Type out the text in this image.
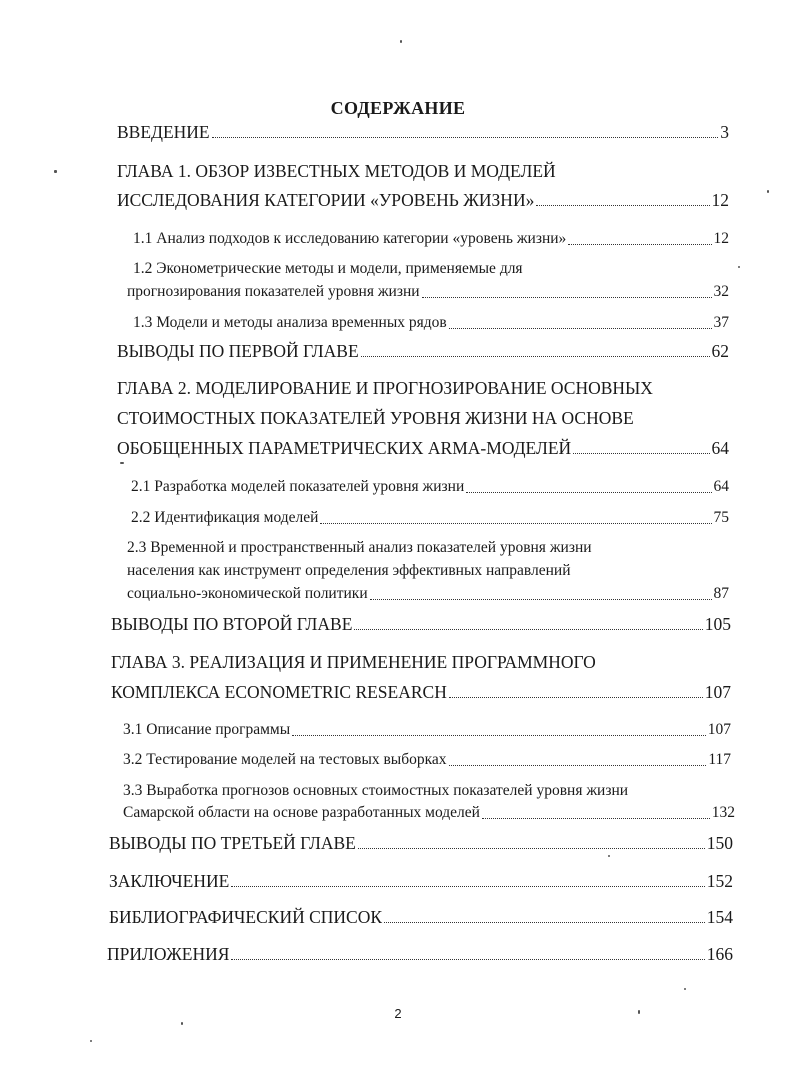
СОДЕРЖАНИЕ
ВВЕДЕНИЕ	3
ГЛАВА 1. ОБЗОР ИЗВЕСТНЫХ МЕТОДОВ И МОДЕЛЕЙ
ИССЛЕДОВАНИЯ КАТЕГОРИИ «УРОВЕНЬ ЖИЗНИ»	12
1.1 Анализ подходов к исследованию категории «уровень жизни»	12
1.2 Эконометрические методы и модели, применяемые для
прогнозирования показателей уровня жизни	32
1.3 Модели и методы анализа временных рядов	37
ВЫВОДЫ ПО ПЕРВОЙ ГЛАВЕ	62
ГЛАВА 2. МОДЕЛИРОВАНИЕ И ПРОГНОЗИРОВАНИЕ ОСНОВНЫХ
СТОИМОСТНЫХ ПОКАЗАТЕЛЕЙ УРОВНЯ ЖИЗНИ НА ОСНОВЕ
ОБОБЩЕННЫХ ПАРАМЕТРИЧЕСКИХ ARMA-МОДЕЛЕЙ	64
2.1 Разработка моделей показателей уровня жизни	64
2.2 Идентификация моделей	75
2.3 Временной и пространственный анализ показателей уровня жизни
населения как инструмент определения эффективных направлений
социально-экономической политики	87
ВЫВОДЫ ПО ВТОРОЙ ГЛАВЕ	105
ГЛАВА 3. РЕАЛИЗАЦИЯ И ПРИМЕНЕНИЕ ПРОГРАММНОГО
КОМПЛЕКСА ECONOMETRIC RESEARCH	107
3.1 Описание программы	107
3.2 Тестирование моделей на тестовых выборках	117
3.3 Выработка прогнозов основных стоимостных показателей уровня жизни
Самарской области на основе разработанных моделей	132
ВЫВОДЫ ПО ТРЕТЬЕЙ ГЛАВЕ	150
ЗАКЛЮЧЕНИЕ	152
БИБЛИОГРАФИЧЕСКИЙ СПИСОК	154
ПРИЛОЖЕНИЯ	166
2
